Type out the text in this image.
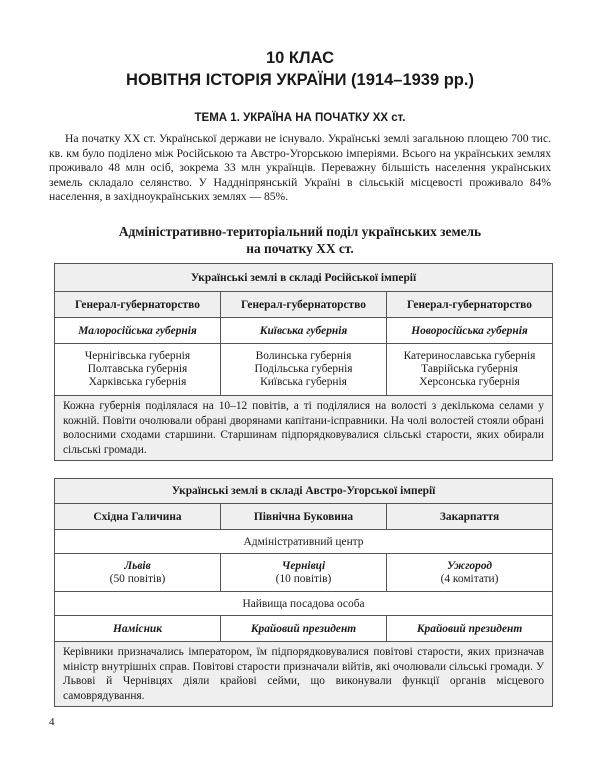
10 КЛАС
НОВІТНЯ ІСТОРІЯ УКРАЇНИ (1914–1939 рр.)
ТЕМА 1. УКРАЇНА НА ПОЧАТКУ ХХ ст.

На початку ХХ ст. Української держави не існувало. Українські землі загальною площею 700 тис. кв. км було поділено між Російською та Австро-Угорською імперіями. Всього на українських землях проживало 48 млн осіб, зокрема 33 млн українців. Переважну більшість населення українських земель складало селянство. У Наддніпрянській Україні в сільській місцевості проживало 84% населення, в західноукраїнських землях — 85%.

Адміністративно-територіальний поділ українських земель
на початку ХХ ст.
Українські землі в складі Російської імперії		
Генерал-губернаторство	Генерал-губернаторство	Генерал-губернаторство
Малоросійська губернія	Київська губернія	Новоросійська губернія

Чернігівська губернія
Полтавська губернія
Харківська губернія	Волинська губернія
Подільська губернія
Київська губернія	Катеринославська губернія
Таврійська губернія
Херсонська губернія

Кожна губернія поділялася на 10–12 повітів, а ті поділялися на волості з декількома селами у кожній. Повіти очолювали обрані дворянами капітани-ісправники. На чолі волостей стояли обрані волосними сходами старшини. Старшинам підпорядковувалися сільські старости, яких обирали сільські громади.		
Українські землі в складі Австро-Угорської імперії		
Східна Галичина	Північна Буковина	Закарпаття
Адміністративний центр		

Львів
(50 повітів)	Чернівці
(10 повітів)	Ужгород
(4 комітати)

Найвища посадова особа		
Намісник	Крайовий президент	Крайовий президент
Керівники призначались імператором, їм підпорядковувалися повітові старости, яких призначав міністр внутрішніх справ. Повітові старости призначали війтів, які очолювали сільські громади. У Львові й Чернівцях діяли крайові сейми, що виконували функції органів місцевого самоврядування.		
4
